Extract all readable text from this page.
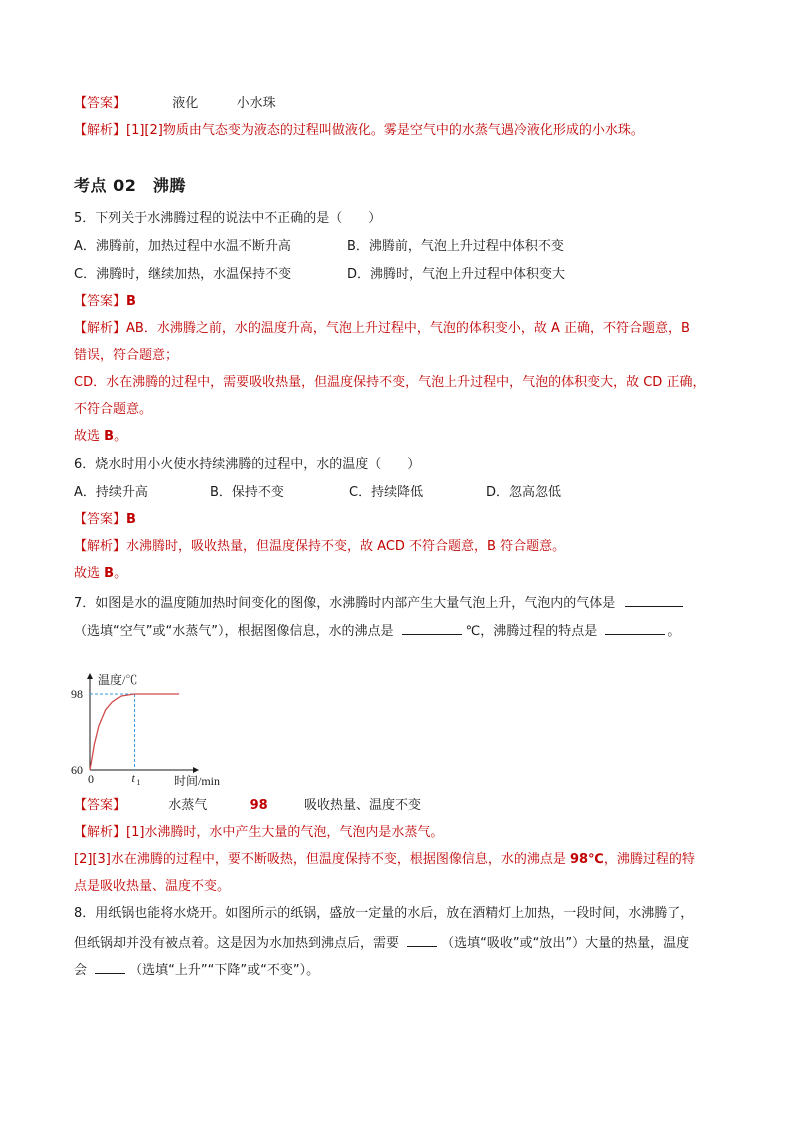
【答案】	液化	小水珠
【解析】[1][2]物质由气态变为液态的过程叫做液化。雾是空气中的水蒸气遇冷液化形成的小水珠。
考点 02　沸腾
5．下列关于水沸腾过程的说法中不正确的是（　　）
A．沸腾前，加热过程中水温不断升高	B．沸腾前，气泡上升过程中体积不变
C．沸腾时，继续加热，水温保持不变	D．沸腾时，气泡上升过程中体积变大
【答案】B
【解析】AB．水沸腾之前，水的温度升高，气泡上升过程中，气泡的体积变小，故 A 正确，不符合题意，B
错误，符合题意；
CD．水在沸腾的过程中，需要吸收热量，但温度保持不变，气泡上升过程中，气泡的体积变大，故 CD 正确，
不符合题意。
故选 B。
6．烧水时用小火使水持续沸腾的过程中，水的温度（　　）
A．持续升高	B．保持不变	C．持续降低	D．忽高忽低
【答案】B
【解析】水沸腾时，吸收热量，但温度保持不变，故 ACD 不符合题意，B 符合题意。
故选 B。
7．如图是水的温度随加热时间变化的图像，水沸腾时内部产生大量气泡上升，气泡内的气体是
（选填“空气”或“水蒸气”），根据图像信息，水的沸点是	℃，沸腾过程的特点是	。
温度/℃
时间/min
98
60
0	t 1
【答案】	水蒸气	98	吸收热量、温度不变
【解析】[1]水沸腾时，水中产生大量的气泡，气泡内是水蒸气。
[2][3]水在沸腾的过程中，要不断吸热，但温度保持不变，根据图像信息，水的沸点是 98℃，沸腾过程的特
点是吸收热量、温度不变。
8．用纸锅也能将水烧开。如图所示的纸锅，盛放一定量的水后，放在酒精灯上加热，一段时间，水沸腾了，
但纸锅却并没有被点着。这是因为水加热到沸点后，需要	（选填“吸收”或“放出”）大量的热量，温度
会	（选填“上升”“下降”或“不变”）。
